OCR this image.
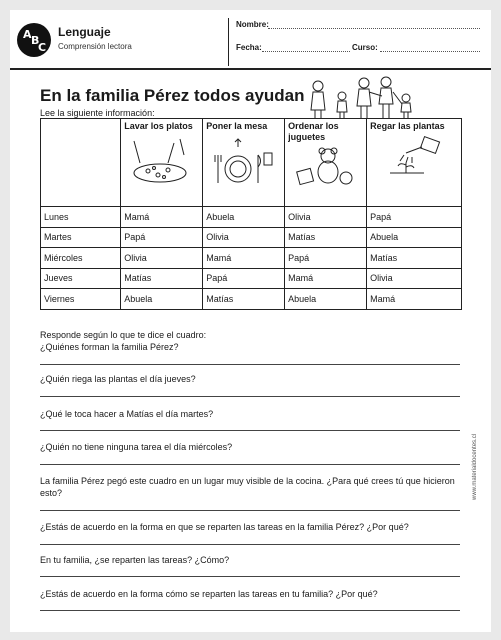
A B
C
Lenguaje
Comprensión lectora
Nombre:
Fecha:	Curso:
En la familia Pérez todos ayudan
Lee la siguiente información:
	Lavar los platos	Poner la mesa	Ordenar los juguetes	Regar las plantas

Lunes	Mamá	Abuela	Olivia	Papá
Martes	Papá	Olivia	Matías	Abuela
Miércoles	Olivia	Mamá	Papá	Matías
Jueves	Matías	Papá	Mamá	Olivia
Viernes	Abuela	Matías	Abuela	Mamá
Responde según lo que te dice el cuadro:
¿Quiénes forman la familia Pérez?
¿Quién riega las plantas el día jueves?
¿Qué le toca hacer a Matías el día martes?
¿Quién no tiene ninguna tarea el día miércoles?
La familia Pérez pegó este cuadro en un lugar muy visible de la cocina. ¿Para qué crees tú que hicieron esto?
¿Estás de acuerdo en la forma en que se reparten las tareas en la familia Pérez? ¿Por qué?
En tu familia, ¿se reparten las tareas? ¿Cómo?
¿Estás de acuerdo en la forma cómo se reparten las tareas en tu familia? ¿Por qué?
www.materialdocentes.cl
